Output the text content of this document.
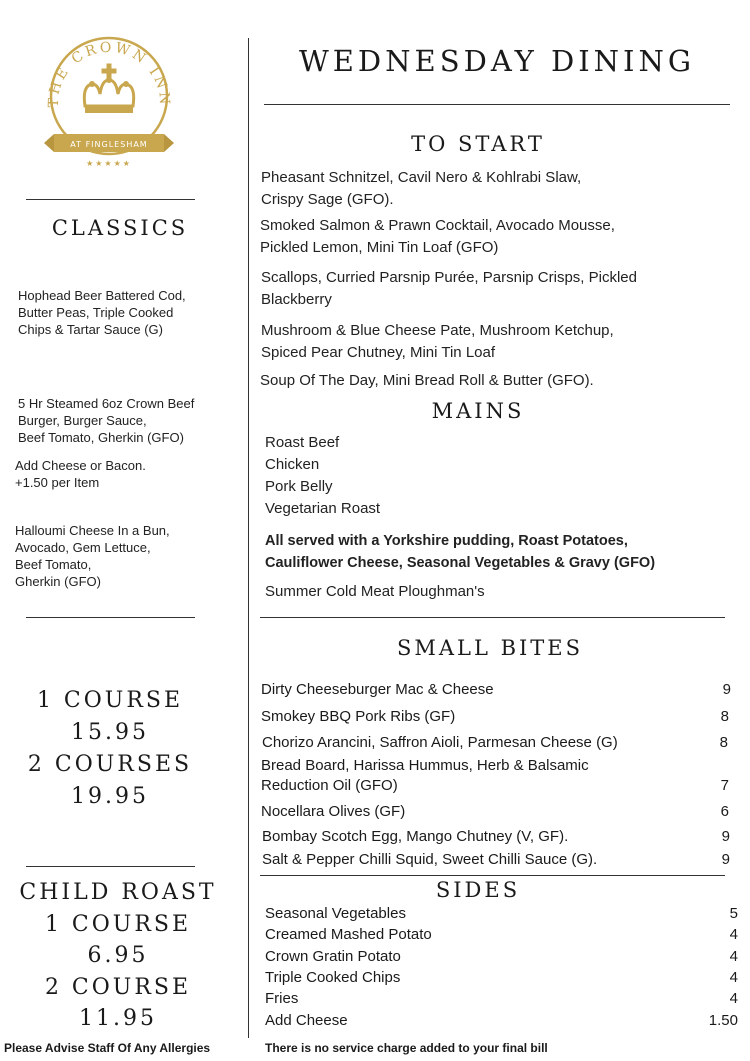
THE CROWN INN
AT FINGLESHAM
★★★★★
WEDNESDAY DINING
CLASSICS
Hophead Beer Battered Cod,
Butter Peas, Triple Cooked
Chips & Tartar Sauce (G)
5 Hr Steamed 6oz Crown Beef
Burger, Burger Sauce,
Beef Tomato, Gherkin (GFO)
Add Cheese or Bacon.
+1.50 per Item
Halloumi Cheese In a Bun,
Avocado, Gem Lettuce,
Beef Tomato,
Gherkin (GFO)
1 COURSE
15.95
2 COURSES
19.95
CHILD ROAST
1 COURSE
6.95
2 COURSE
11.95
TO START
Pheasant Schnitzel, Cavil Nero & Kohlrabi Slaw,
Crispy Sage (GFO).
Smoked Salmon & Prawn Cocktail, Avocado Mousse,
Pickled Lemon, Mini Tin Loaf (GFO)
Scallops, Curried Parsnip Purée, Parsnip Crisps, Pickled
Blackberry
Mushroom & Blue Cheese Pate, Mushroom Ketchup,
Spiced Pear Chutney, Mini Tin Loaf
Soup Of The Day, Mini Bread Roll & Butter (GFO).
MAINS
Roast Beef
Chicken
Pork Belly
Vegetarian Roast
All served with a Yorkshire pudding, Roast Potatoes,
Cauliflower Cheese, Seasonal Vegetables & Gravy (GFO)
Summer Cold Meat Ploughman's
SMALL BITES
Dirty Cheeseburger Mac & Cheese	9
Smokey BBQ Pork Ribs (GF)	8
Chorizo Arancini, Saffron Aioli, Parmesan Cheese (G)	8
Bread Board, Harissa Hummus, Herb & Balsamic
Reduction Oil (GFO)	7
Nocellara Olives (GF)	6
Bombay Scotch Egg, Mango Chutney (V, GF).	9
Salt & Pepper Chilli Squid, Sweet Chilli Sauce (G).	9
SIDES
Seasonal Vegetables	5
Creamed Mashed Potato	4
Crown Gratin Potato	4
Triple Cooked Chips	4
Fries	4
Add Cheese	1.50
Please Advise Staff Of Any Allergies	There is no service charge added to your final bill
